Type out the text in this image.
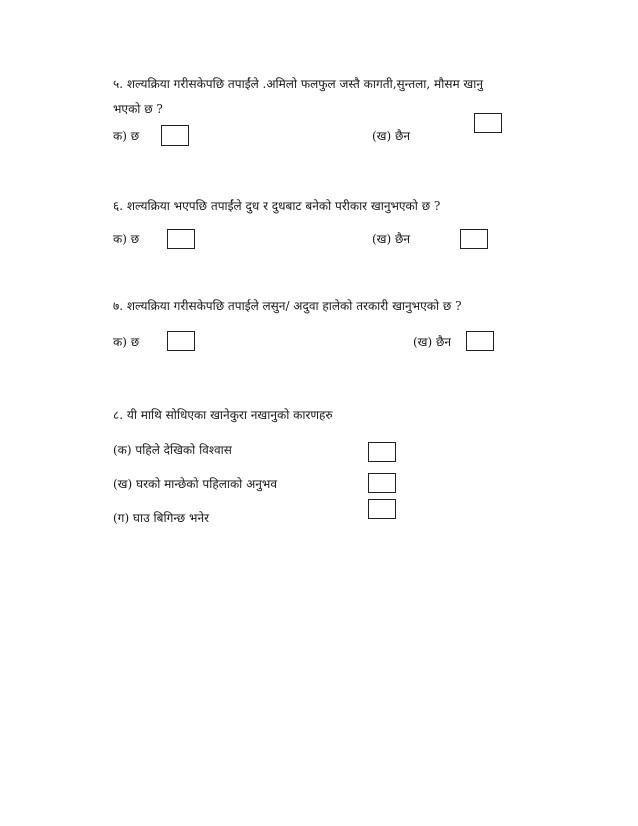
५. शल्यक्रिया गरीसकेपछि तपाईंले .अमिलो फलफुल जस्तै कागती,सुन्तला, मौसम खानु
भएको छ ?
क) छ	(ख) छैन
६. शल्यक्रिया भएपछि तपाईंले दुध र दुधबाट बनेको परीकार खानुभएको छ ?
क) छ	(ख) छैन
७. शल्यक्रिया गरीसकेपछि तपाईले लसुन/ अदुवा हालेको तरकारी खानुभएको छ ?
क) छ	(ख) छैन
८. यी माथि सोधिएका खानेकुरा नखानुको कारणहरु
(क) पहिले देखिको विश्वास
(ख) घरको मान्छेको पहिलाको अनुभव
(ग) घाउ बिगिन्छ भनेर
